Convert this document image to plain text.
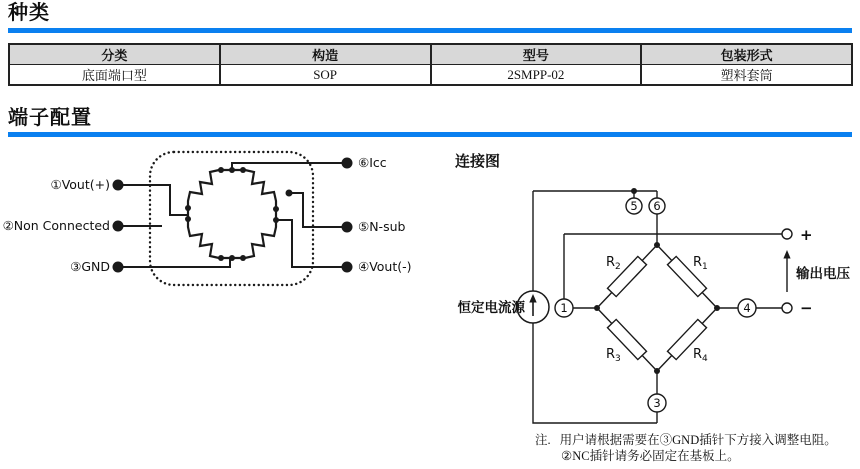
种类
分类	构造	型号	包装形式
底面端口型	SOP	2SMPP-02	塑料套筒
端子配置
①Vout(+)
②Non Connected
③GND
⑥Icc
⑤N-sub
④Vout(-)
连接图
5 6
1	4
3
$R_2$	$R_1$
$R_3$	$R_4$
恒定电流源
输出电压
+
−
注. 用户请根据需要在③GND插针下方接入调整电阻。
②NC插针请务必固定在基板上。
